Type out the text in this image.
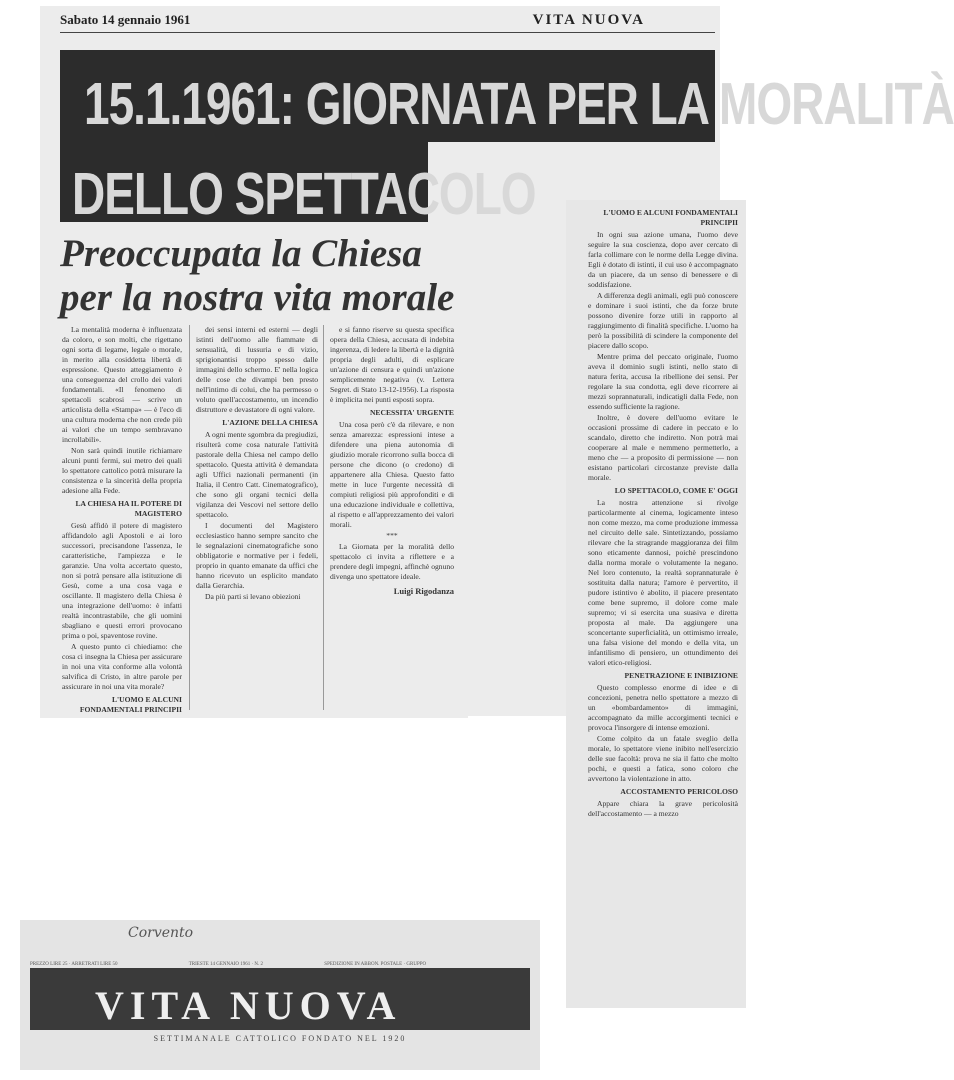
Sabato 14 gennaio 1961	VITA NUOVA
15.1.1961: GIORNATA PER LA MORALITÀ
DELLO SPETTACOLO
Preoccupata la Chiesa
per la nostra vita morale

La mentalità moderna è influenzata da coloro, e son molti, che rigettano ogni sorta di legame, legale o morale, in merito alla cosiddetta libertà di espressione. Questo atteggiamento è una conseguenza del crollo dei valori fondamentali. «Il fenomeno di spettacoli scabrosi — scrive un articolista della «Stampa» — è l'eco di una cultura moderna che non crede più ai valori che un tempo sembravano incrollabili».

Non sarà quindi inutile richiamare alcuni punti fermi, sui metro dei quali lo spettatore cattolico potrà misurare la consistenza e la sincerità della propria adesione alla Fede.

LA CHIESA HA IL POTERE DI MAGISTERO

Gesù affidò il potere di magistero affidandolo agli Apostoli e ai loro successori, precisandone l'assenza, le caratteristiche, l'ampiezza e le garanzie. Una volta accertato questo, non si potrà pensare alla istituzione di Gesù, come a una cosa vaga e oscillante. Il magistero della Chiesa è una integrazione dell'uomo: è infatti realtà incontrastabile, che gli uomini sbagliano e questi errori provocano prima o poi, spaventose rovine.

A questo punto ci chiediamo: che cosa ci insegna la Chiesa per assicurare in noi una vita conforme alla volontà salvifica di Cristo, in altre parole per assicurare in noi una vita morale?

L'UOMO E ALCUNI FONDAMENTALI PRINCIPII

dei sensi interni ed esterni — degli istinti dell'uomo alle fiammate di sensualità, di lussuria e di vizio, sprigionantisi troppo spesso dalle immagini dello schermo. E' nella logica delle cose che divampi ben presto nell'intimo di colui, che ha permesso o voluto quell'accostamento, un incendio distruttore e devastatore di ogni valore.

L'AZIONE DELLA CHIESA

A ogni mente sgombra da pregiudizi, risulterà come cosa naturale l'attività pastorale della Chiesa nel campo dello spettacolo. Questa attività è demandata agli Uffici nazionali permanenti (in Italia, il Centro Catt. Cinematografico), che sono gli organi tecnici della vigilanza dei Vescovi nel settore dello spettacolo.

I documenti del Magistero ecclesiastico hanno sempre sancito che le segnalazioni cinematografiche sono obbligatorie e normative per i fedeli, proprio in quanto emanate da uffici che hanno ricevuto un esplicito mandato dalla Gerarchia.

Da più parti si levano obiezioni

e si fanno riserve su questa specifica opera della Chiesa, accusata di indebita ingerenza, di ledere la libertà e la dignità propria degli adulti, di esplicare un'azione di censura e quindi un'azione semplicemente negativa (v. Lettera Segret. di Stato 13-12-1956). La risposta è implicita nei punti esposti sopra.

NECESSITA' URGENTE

Una cosa però c'è da rilevare, e non senza amarezza: espressioni intese a difendere una piena autonomia di giudizio morale ricorrono sulla bocca di persone che dicono (o credono) di appartenere alla Chiesa. Questo fatto mette in luce l'urgente necessità di compiuti religiosi più approfonditi e di una educazione individuale e collettiva, al rispetto e all'apprezzamento dei valori morali.

***

La Giornata per la moralità dello spettacolo ci invita a riflettere e a prendere degli impegni, affinchè ognuno divenga uno spettatore ideale.

Luigi Rigodanza

L'UOMO E ALCUNI FONDAMENTALI PRINCIPII

In ogni sua azione umana, l'uomo deve seguire la sua coscienza, dopo aver cercato di farla collimare con le norme della Legge divina. Egli è dotato di istinti, il cui uso è accompagnato da un piacere, da un senso di benessere e di soddisfazione.

A differenza degli animali, egli può conoscere e dominare i suoi istinti, che da forze brute possono divenire forze utili in rapporto al raggiungimento di finalità specifiche. L'uomo ha però la possibilità di scindere la componente del piacere dallo scopo.

Mentre prima del peccato originale, l'uomo aveva il dominio sugli istinti, nello stato di natura ferita, accusa la ribellione dei sensi. Per regolare la sua condotta, egli deve ricorrere ai mezzi soprannaturali, indicatigli dalla Fede, non essendo sufficiente la ragione.

Inoltre, è dovere dell'uomo evitare le occasioni prossime di cadere in peccato e lo scandalo, diretto che indiretto. Non potrà mai cooperare al male e nemmeno permetterlo, a meno che — a proposito di permissione — non esistano particolari circostanze previste dalla morale.

LO SPETTACOLO, COME E' OGGI

La nostra attenzione si rivolge particolarmente al cinema, logicamente inteso non come mezzo, ma come produzione immessa nel circuito delle sale. Sintetizzando, possiamo rilevare che la stragrande maggioranza dei film sono eticamente dannosi, poichè prescindono dalla norma morale o volutamente la negano. Nel loro contenuto, la realtà soprannaturale è sostituita dalla natura; l'amore è pervertito, il pudore istintivo è abolito, il piacere presentato come bene supremo, il dolore come male supremo; vi si esercita una suasiva e diretta proposta al male. Da aggiungere una sconcertante superficialità, un ottimismo irreale, una falsa visione del mondo e della vita, un infantilismo di pensiero, un ottundimento dei valori etico-religiosi.

PENETRAZIONE E INIBIZIONE

Questo complesso enorme di idee e di concezioni, penetra nello spettatore a mezzo di un «bombardamento» di immagini, accompagnato da mille accorgimenti tecnici e provoca l'insorgere di intense emozioni.

Come colpito da un fatale sveglio della morale, lo spettatore viene inibito nell'esercizio delle sue facoltà: prova ne sia il fatto che molto pochi, e questi a fatica, sono coloro che avvertono la violentazione in atto.

ACCOSTAMENTO PERICOLOSO

Appare chiara la grave pericolosità dell'accostamento — a mezzo

Corvento
PREZZO LIRE 25 · ARRETRATI LIRE 50	TRIESTE 14 GENNAIO 1961 · N. 2	SPEDIZIONE IN ABBON. POSTALE · GRUPPO
VITA NUOVA
SETTIMANALE CATTOLICO FONDATO NEL 1920
